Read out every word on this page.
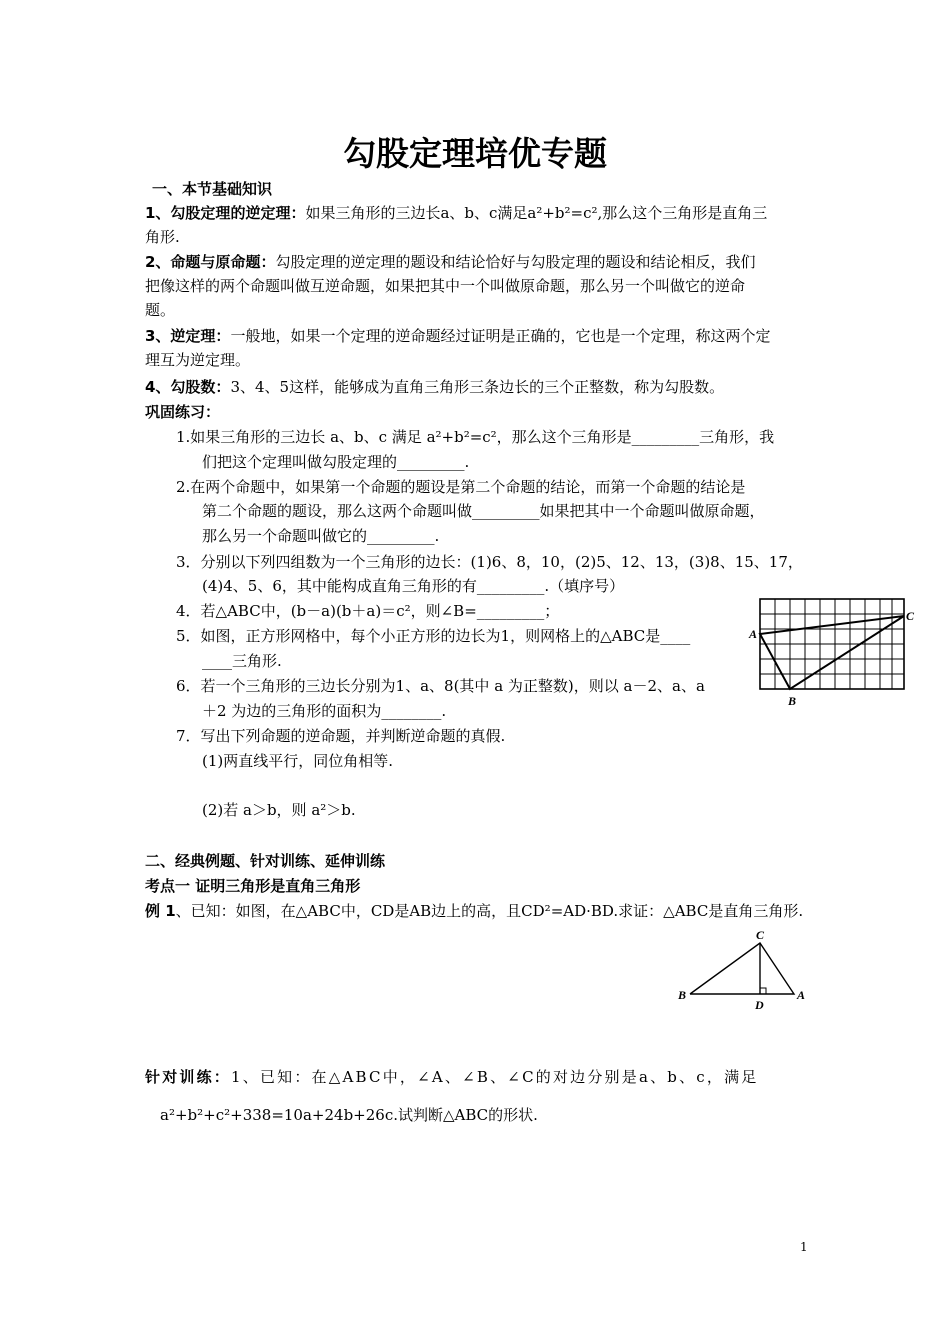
勾股定理培优专题
一、本节基础知识
1、勾股定理的逆定理：如果三角形的三边长a、b、c满足a²+b²=c²,那么这个三角形是直角三
角形.
2、命题与原命题：勾股定理的逆定理的题设和结论恰好与勾股定理的题设和结论相反，我们
把像这样的两个命题叫做互逆命题，如果把其中一个叫做原命题，那么另一个叫做它的逆命
题。
3、逆定理：一般地，如果一个定理的逆命题经过证明是正确的，它也是一个定理，称这两个定
理互为逆定理。
4、勾股数：3、4、5这样，能够成为直角三角形三条边长的三个正整数，称为勾股数。
巩固练习：
1.如果三角形的三边长 a、b、c 满足 a²+b²=c²，那么这个三角形是_________三角形，我
们把这个定理叫做勾股定理的_________.
2.在两个命题中，如果第一个命题的题设是第二个命题的结论，而第一个命题的结论是
第二个命题的题设，那么这两个命题叫做_________如果把其中一个命题叫做原命题，
那么另一个命题叫做它的_________.
3．分别以下列四组数为一个三角形的边长：(1)6、8，10，(2)5、12、13，(3)8、15、17，
(4)4、5、6，其中能构成直角三角形的有_________.（填序号）
4．若△ABC中，(b－a)(b＋a)＝c²，则∠B=_________；
5．如图，正方形网格中，每个小正方形的边长为1，则网格上的△ABC是____
____三角形.
6．若一个三角形的三边长分别为1、a、8(其中 a 为正整数)，则以 a－2、a、a
＋2 为边的三角形的面积为________.
7．写出下列命题的逆命题，并判断逆命题的真假.
(1)两直线平行，同位角相等.
(2)若 a＞b，则 a²＞b.
A
C
B
二、经典例题、针对训练、延伸训练
考点一 证明三角形是直角三角形
例 1、已知：如图，在△ABC中，CD是AB边上的高，且CD²=AD·BD.求证：△ABC是直角三角形.
C
B	A
D
针对训练：1、已知：在△ABC中，∠A、∠B、∠C的对边分别是a、b、c，满足
a²+b²+c²+338=10a+24b+26c.试判断△ABC的形状.
1
